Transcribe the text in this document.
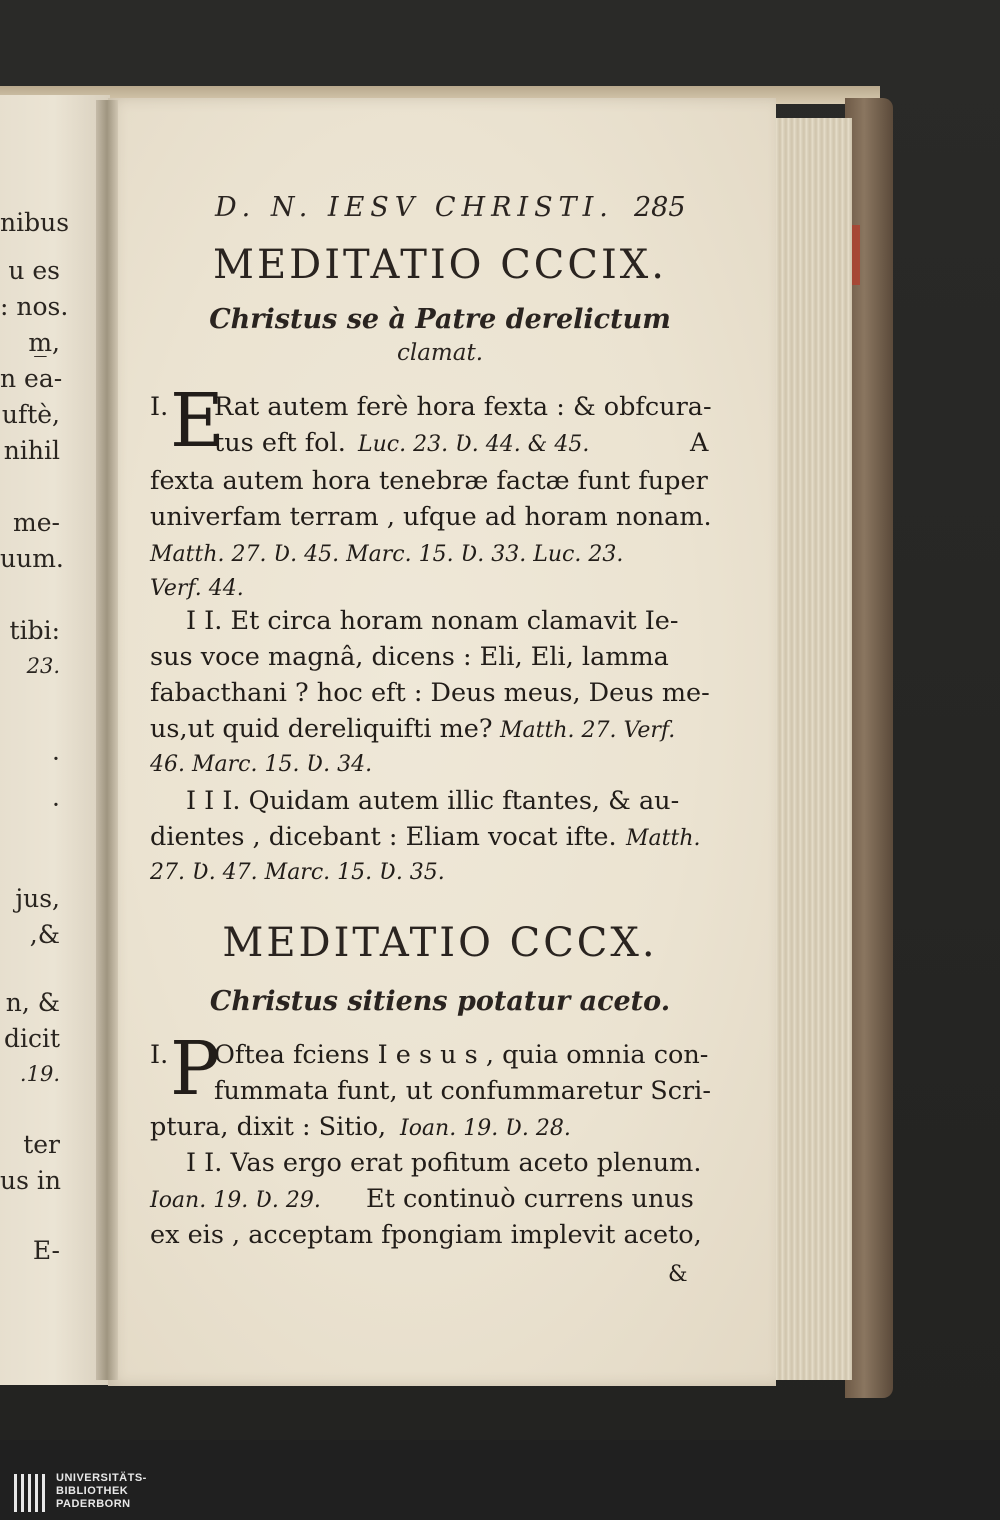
nibus
u es
: nos.
m̲,
n ea-
uftè,
nihil
me-
uum.
tibi:
23.
·
·
jus,
,&
n, &
dicit
.19.
ter
us in
E-
D. N. IESV CHRISTI. 285
MEDITATIO CCCIX.
Christus se à Patre derelictum
clamat.
I. E
Rat autem ferè hora fexta : & obfcura-
tus eft fol. Luc. 23. Ʋ. 44. & 45.	A
fexta autem hora tenebræ factæ funt fuper
univerfam terram , ufque ad horam nonam.
Matth. 27. Ʋ. 45. Marc. 15. Ʋ. 33. Luc. 23.
Verf. 44.
I I. Et circa horam nonam clamavit Ie-
sus voce magnâ, dicens : Eli, Eli, lamma
fabacthani ? hoc eft : Deus meus, Deus me-
us,ut quid dereliquifti me? Matth. 27. Verf.
46. Marc. 15. Ʋ. 34.
I I I. Quidam autem illic ftantes, & au-
dientes , dicebant : Eliam vocat ifte. Matth.
27. Ʋ. 47. Marc. 15. Ʋ. 35.
MEDITATIO CCCX.
Christus sitiens potatur aceto.
I. P
Oftea fciens I e s u s , quia omnia con-
fummata funt, ut confummaretur Scri-
ptura, dixit : Sitio, Ioan. 19. Ʋ. 28.
I I. Vas ergo erat pofitum aceto plenum.
Ioan. 19. Ʋ. 29. Et continuò currens unus
ex eis , acceptam fpongiam implevit aceto,
&
UNIVERSITÄTS-
BIBLIOTHEK
PADERBORN
